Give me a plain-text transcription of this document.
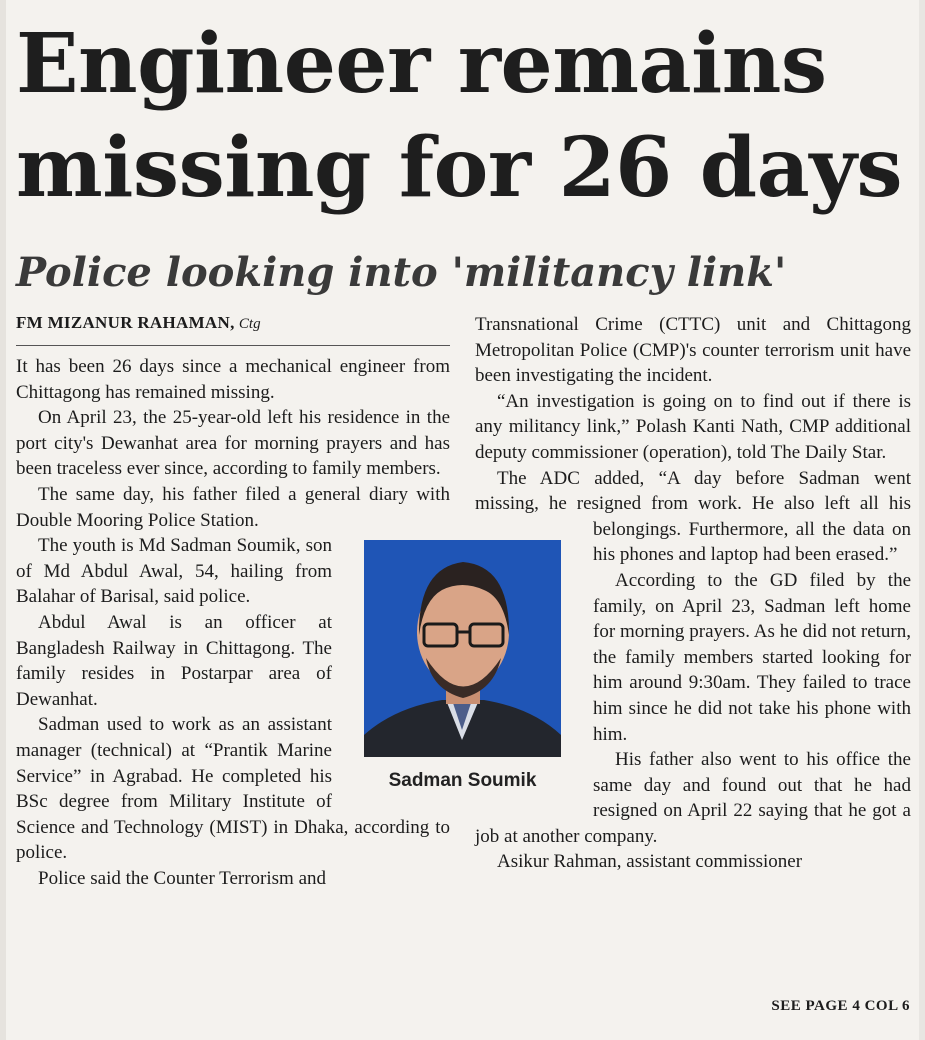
Engineer remains missing for 26 days
Police looking into 'militancy link'
FM MIZANUR RAHAMAN, Ctg

It has been 26 days since a mechanical engineer from Chittagong has remained missing.

On April 23, the 25-year-old left his residence in the port city's Dewanhat area for morning prayers and has been traceless ever since, according to family members.

The same day, his father filed a general diary with Double Mooring Police Station.

The youth is Md Sadman Soumik, son of Md Abdul Awal, 54, hailing from Balahar of Barisal, said police.

Abdul Awal is an officer at Bangladesh Railway in Chittagong. The family resides in Postarpar area of Dewanhat.

Sadman used to work as an assistant manager (technical) at “Prantik Marine Service” in Agrabad. He completed his BSc degree from Military Institute of Science and Technology (MIST) in Dhaka, according to police.

Police said the Counter Terrorism and

Transnational Crime (CTTC) unit and Chittagong Metropolitan Police (CMP)'s counter terrorism unit have been investigating the incident.

“An investigation is going on to find out if there is any militancy link,” Polash Kanti Nath, CMP additional deputy commissioner (operation), told The Daily Star.

The ADC added, “A day before Sadman went missing, he resigned from work. He also left all his belongings. Furthermore, all the data on his phones and laptop had been erased.”

According to the GD filed by the family, on April 23, Sadman left home for morning prayers. As he did not return, the family members started looking for him around 9:30am. They failed to trace him since he did not take his phone with him.

His father also went to his office the same day and found out that he had resigned on April 22 saying that he got a job at another company.

Asikur Rahman, assistant commissioner

Sadman Soumik
SEE PAGE 4 COL 6
